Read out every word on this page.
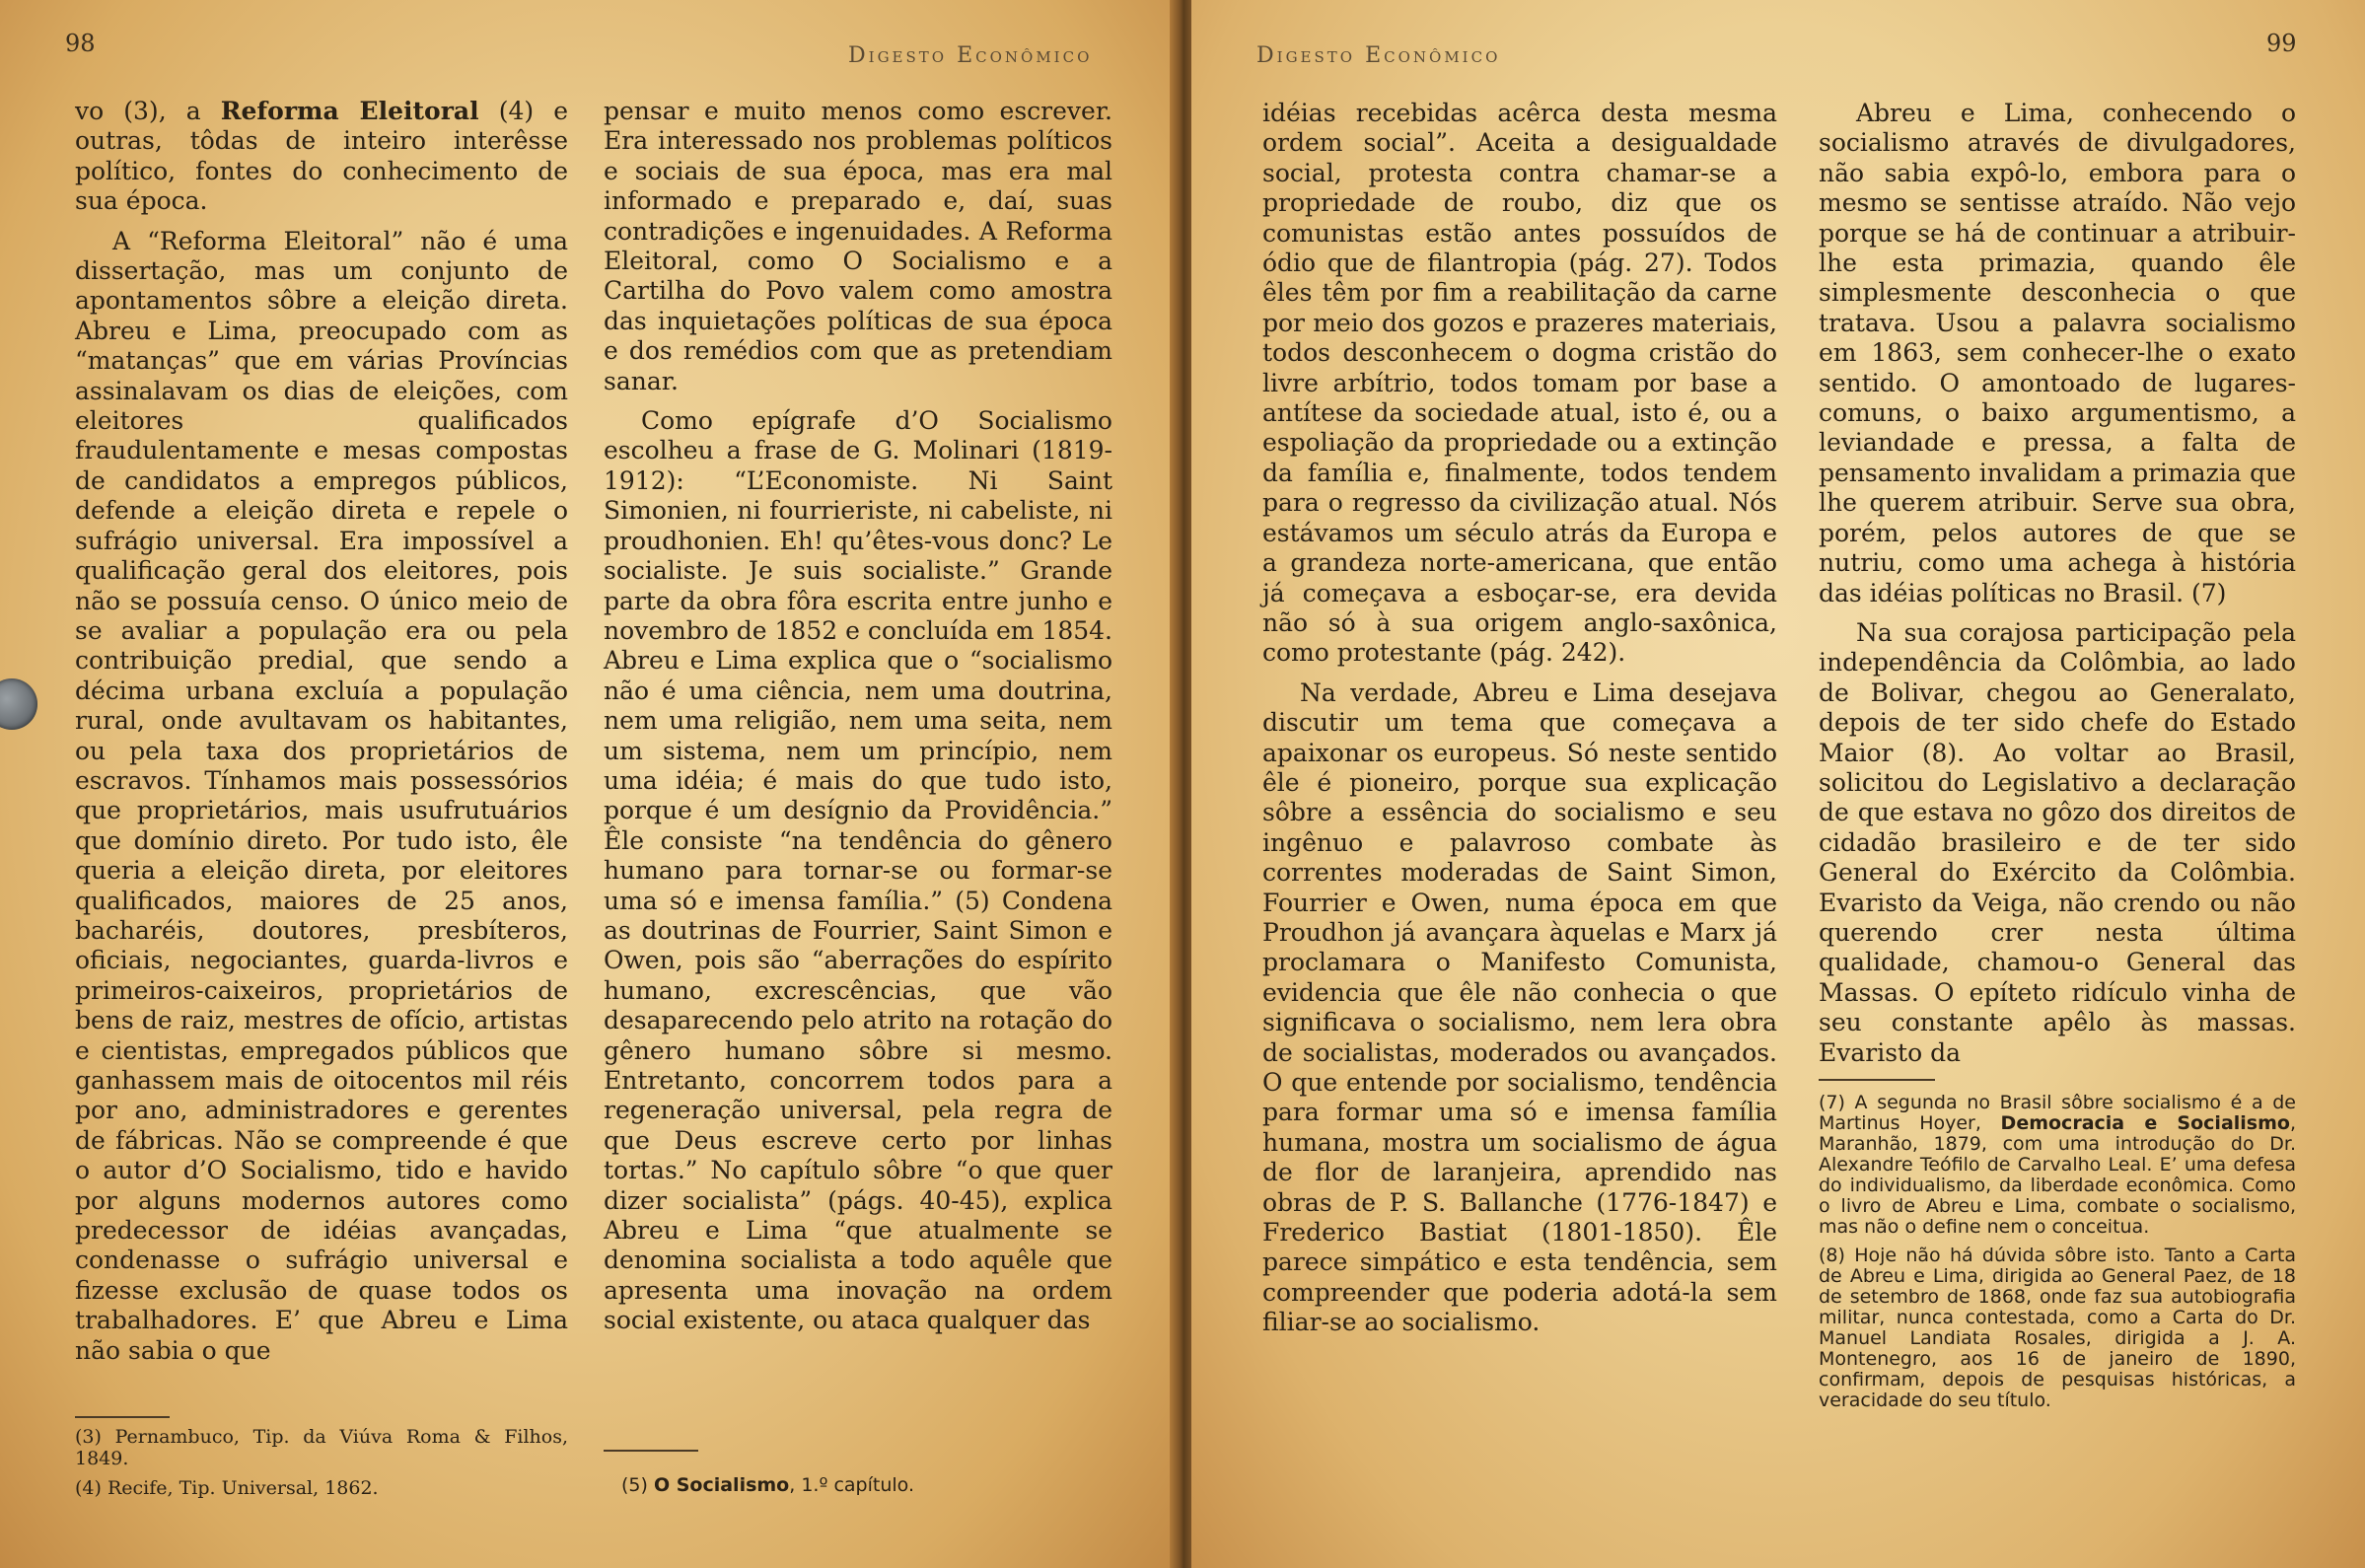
98	Digesto Econômico

vo (3), a Reforma Eleitoral (4) e outras, tôdas de inteiro interêsse político, fontes do conhecimento de sua época.

A “Reforma Eleitoral” não é uma dissertação, mas um conjunto de apontamentos sôbre a eleição direta. Abreu e Lima, preocupado com as “matanças” que em várias Províncias assinalavam os dias de eleições, com eleitores qualificados fraudulentamente e mesas compostas de candidatos a empregos públicos, defende a eleição direta e repele o sufrágio universal. Era impossível a qualificação geral dos eleitores, pois não se possuía censo. O único meio de se avaliar a população era ou pela contribuição predial, que sendo a décima urbana excluía a população rural, onde avultavam os habitantes, ou pela taxa dos proprietários de escravos. Tínhamos mais possessórios que proprietários, mais usufrutuários que domínio direto. Por tudo isto, êle queria a eleição direta, por eleitores qualificados, maiores de 25 anos, bacharéis, doutores, presbíteros, oficiais, negociantes, guarda-livros e primeiros-caixeiros, proprietários de bens de raiz, mestres de ofício, artistas e cientistas, empregados públicos que ganhassem mais de oitocentos mil réis por ano, administradores e gerentes de fábricas. Não se compreende é que o autor d’O Socialismo, tido e havido por alguns modernos autores como predecessor de idéias avançadas, condenasse o sufrágio universal e fizesse exclusão de quase todos os trabalhadores. E’ que Abreu e Lima não sabia o que

pensar e muito menos como escrever. Era interessado nos problemas políticos e sociais de sua época, mas era mal informado e preparado e, daí, suas contradições e ingenuidades. A Reforma Eleitoral, como O Socialismo e a Cartilha do Povo valem como amostra das inquietações políticas de sua época e dos remédios com que as pretendiam sanar.

Como epígrafe d’O Socialismo escolheu a frase de G. Molinari (1819-1912): “L’Economiste. Ni Saint Simonien, ni fourrieriste, ni cabeliste, ni proudhonien. Eh! qu’êtes-vous donc? Le socialiste. Je suis socialiste.” Grande parte da obra fôra escrita entre junho e novembro de 1852 e concluída em 1854. Abreu e Lima explica que o “socialismo não é uma ciência, nem uma doutrina, nem uma religião, nem uma seita, nem um sistema, nem um princípio, nem uma idéia; é mais do que tudo isto, porque é um desígnio da Providência.” Êle consiste “na tendência do gênero humano para tornar-se ou formar-se uma só e imensa família.” (5) Condena as doutrinas de Fourrier, Saint Simon e Owen, pois são “aberrações do espírito humano, excrescências, que vão desaparecendo pelo atrito na rotação do gênero humano sôbre si mesmo. Entretanto, concorrem todos para a regeneração universal, pela regra de que Deus escreve certo por linhas tortas.” No capítulo sôbre “o que quer dizer socialista” (págs. 40-45), explica Abreu e Lima “que atualmente se denomina socialista a todo aquêle que apresenta uma inovação na ordem social existente, ou ataca qualquer das

(3) Pernambuco, Tip. da Viúva Roma & Filhos, 1849.

(4) Recife, Tip. Universal, 1862.	(5) O Socialismo, 1.º capítulo.

Digesto Econômico	99

idéias recebidas acêrca desta mesma ordem social”. Aceita a desigualdade social, protesta contra chamar-se a propriedade de roubo, diz que os comunistas estão antes possuídos de ódio que de filantropia (pág. 27). Todos êles têm por fim a reabilitação da carne por meio dos gozos e prazeres materiais, todos desconhecem o dogma cristão do livre arbítrio, todos tomam por base a antítese da sociedade atual, isto é, ou a espoliação da propriedade ou a extinção da família e, finalmente, todos tendem para o regresso da civilização atual. Nós estávamos um século atrás da Europa e a grandeza norte-americana, que então já começava a esboçar-se, era devida não só à sua origem anglo-saxônica, como protestante (pág. 242).

Na verdade, Abreu e Lima desejava discutir um tema que começava a apaixonar os europeus. Só neste sentido êle é pioneiro, porque sua explicação sôbre a essência do socialismo e seu ingênuo e palavroso combate às correntes moderadas de Saint Simon, Fourrier e Owen, numa época em que Proudhon já avançara àquelas e Marx já proclamara o Manifesto Comunista, evidencia que êle não conhecia o que significava o socialismo, nem lera obra de socialistas, moderados ou avançados. O que entende por socialismo, tendência para formar uma só e imensa família humana, mostra um socialismo de água de flor de laranjeira, aprendido nas obras de P. S. Ballanche (1776-1847) e Frederico Bastiat (1801-1850). Êle parece simpático e esta tendência, sem compreender que poderia adotá-la sem filiar-se ao socialismo.

Abreu e Lima, conhecendo o socialismo através de divulgadores, não sabia expô-lo, embora para o mesmo se sentisse atraído. Não vejo porque se há de continuar a atribuir-lhe esta primazia, quando êle simplesmente desconhecia o que tratava. Usou a palavra socialismo em 1863, sem conhecer-lhe o exato sentido. O amontoado de lugares-comuns, o baixo argumentismo, a leviandade e pressa, a falta de pensamento invalidam a primazia que lhe querem atribuir. Serve sua obra, porém, pelos autores de que se nutriu, como uma achega à história das idéias políticas no Brasil. (7)

Na sua corajosa participação pela independência da Colômbia, ao lado de Bolivar, chegou ao Generalato, depois de ter sido chefe do Estado Maior (8). Ao voltar ao Brasil, solicitou do Legislativo a declaração de que estava no gôzo dos direitos de cidadão brasileiro e de ter sido General do Exército da Colômbia. Evaristo da Veiga, não crendo ou não querendo crer nesta última qualidade, chamou-o General das Massas. O epíteto ridículo vinha de seu constante apêlo às massas. Evaristo da

(7) A segunda no Brasil sôbre socialismo é a de Martinus Hoyer, Democracia e Socialismo, Maranhão, 1879, com uma introdução do Dr. Alexandre Teófilo de Carvalho Leal. E’ uma defesa do individualismo, da liberdade econômica. Como o livro de Abreu e Lima, combate o socialismo, mas não o define nem o conceitua.

(8) Hoje não há dúvida sôbre isto. Tanto a Carta de Abreu e Lima, dirigida ao General Paez, de 18 de setembro de 1868, onde faz sua autobiografia militar, nunca contestada, como a Carta do Dr. Manuel Landiata Rosales, dirigida a J. A. Montenegro, aos 16 de janeiro de 1890, confirmam, depois de pesquisas históricas, a veracidade do seu título.
